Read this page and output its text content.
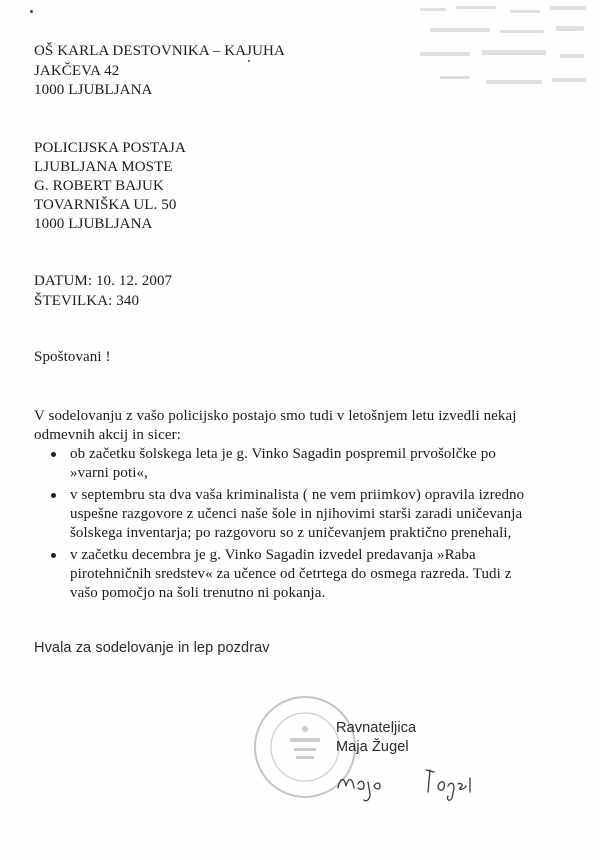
OŠ KARLA DESTOVNIKA – KAJUHA
JAKČEVA 42
1000 LJUBLJANA
POLICIJSKA POSTAJA
LJUBLJANA MOSTE
G. ROBERT BAJUK
TOVARNIŠKA UL. 50
1000 LJUBLJANA
DATUM: 10. 12. 2007
ŠTEVILKA: 340
Spoštovani !
V sodelovanju z vašo policijsko postajo smo tudi v letošnjem letu izvedli nekaj
odmevnih akcij in sicer:
ob začetku šolskega leta je g. Vinko Sagadin pospremil prvošolčke po
»varni poti«,
v septembru sta dva vaša kriminalista ( ne vem priimkov) opravila izredno
uspešne razgovore z učenci naše šole in njihovimi starši zaradi uničevanja
šolskega inventarja; po razgovoru so z uničevanjem praktično prenehali,
v začetku decembra je g. Vinko Sagadin izvedel predavanja »Raba
pirotehničnih sredstev« za učence od četrtega do osmega razreda. Tudi z
vašo pomočjo na šoli trenutno ni pokanja.
Hvala za sodelovanje in lep pozdrav
·	·
Ravnateljica
Maja Žugel
